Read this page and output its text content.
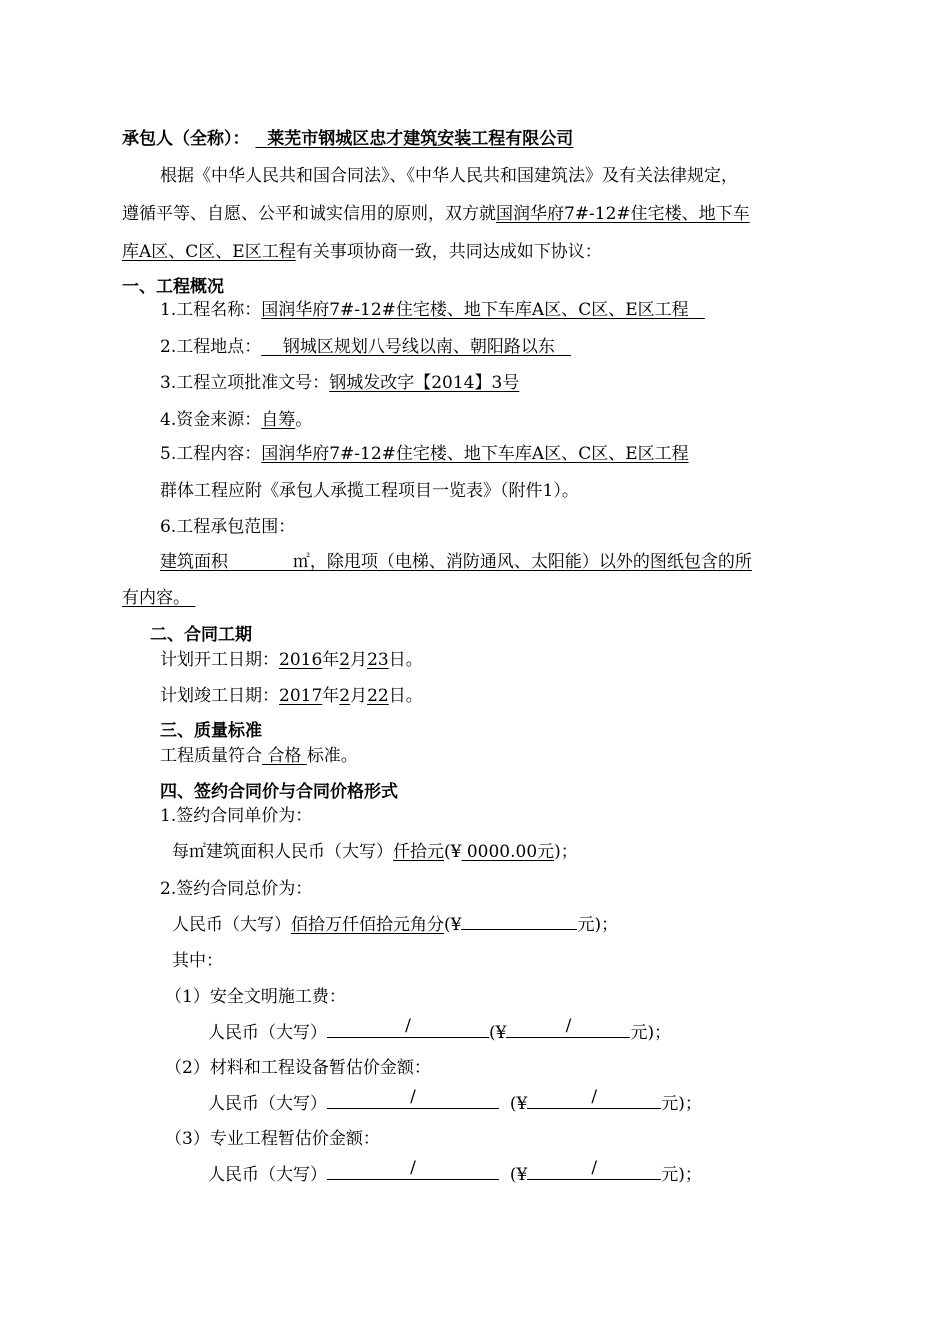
承包人（全称）： 莱芜市钢城区忠才建筑安装工程有限公司
根据《中华人民共和国合同法》、《中华人民共和国建筑法》及有关法律规定，
遵循平等、自愿、公平和诚实信用的原则，双方就国润华府7#-12#住宅楼、地下车
库A区、C区、E区工程有关事项协商一致，共同达成如下协议：
一、工程概况
1.工程名称：国润华府7#-12#住宅楼、地下车库A区、C区、E区工程
2.工程地点： 钢城区规划八号线以南、朝阳路以东
3.工程立项批准文号：钢城发改字【2014】3号
4.资金来源：自筹。
5.工程内容：国润华府7#-12#住宅楼、地下车库A区、C区、E区工程
群体工程应附《承包人承揽工程项目一览表》（附件1）。
6.工程承包范围：
建筑面积            ㎡，除甩项（电梯、消防通风、太阳能）以外的图纸包含的所
有内容。
二、合同工期
计划开工日期：2016年2月23日。
计划竣工日期：2017年2月22日。
三、质量标准
工程质量符合 合格 标准。
四、签约合同价与合同价格形式
1.签约合同单价为：
每㎡建筑面积人民币（大写）仟拾元(¥ 0000.00元)；
2.签约合同总价为：
人民币（大写）佰拾万仟佰拾元角分(¥	元)；
其中：
（1）安全文明施工费：
人民币（大写）	/	(¥	/	元)；
（2）材料和工程设备暂估价金额：
人民币（大写）	/	(¥	/	元)；
（3）专业工程暂估价金额：
人民币（大写）	/	(¥	/	元)；
